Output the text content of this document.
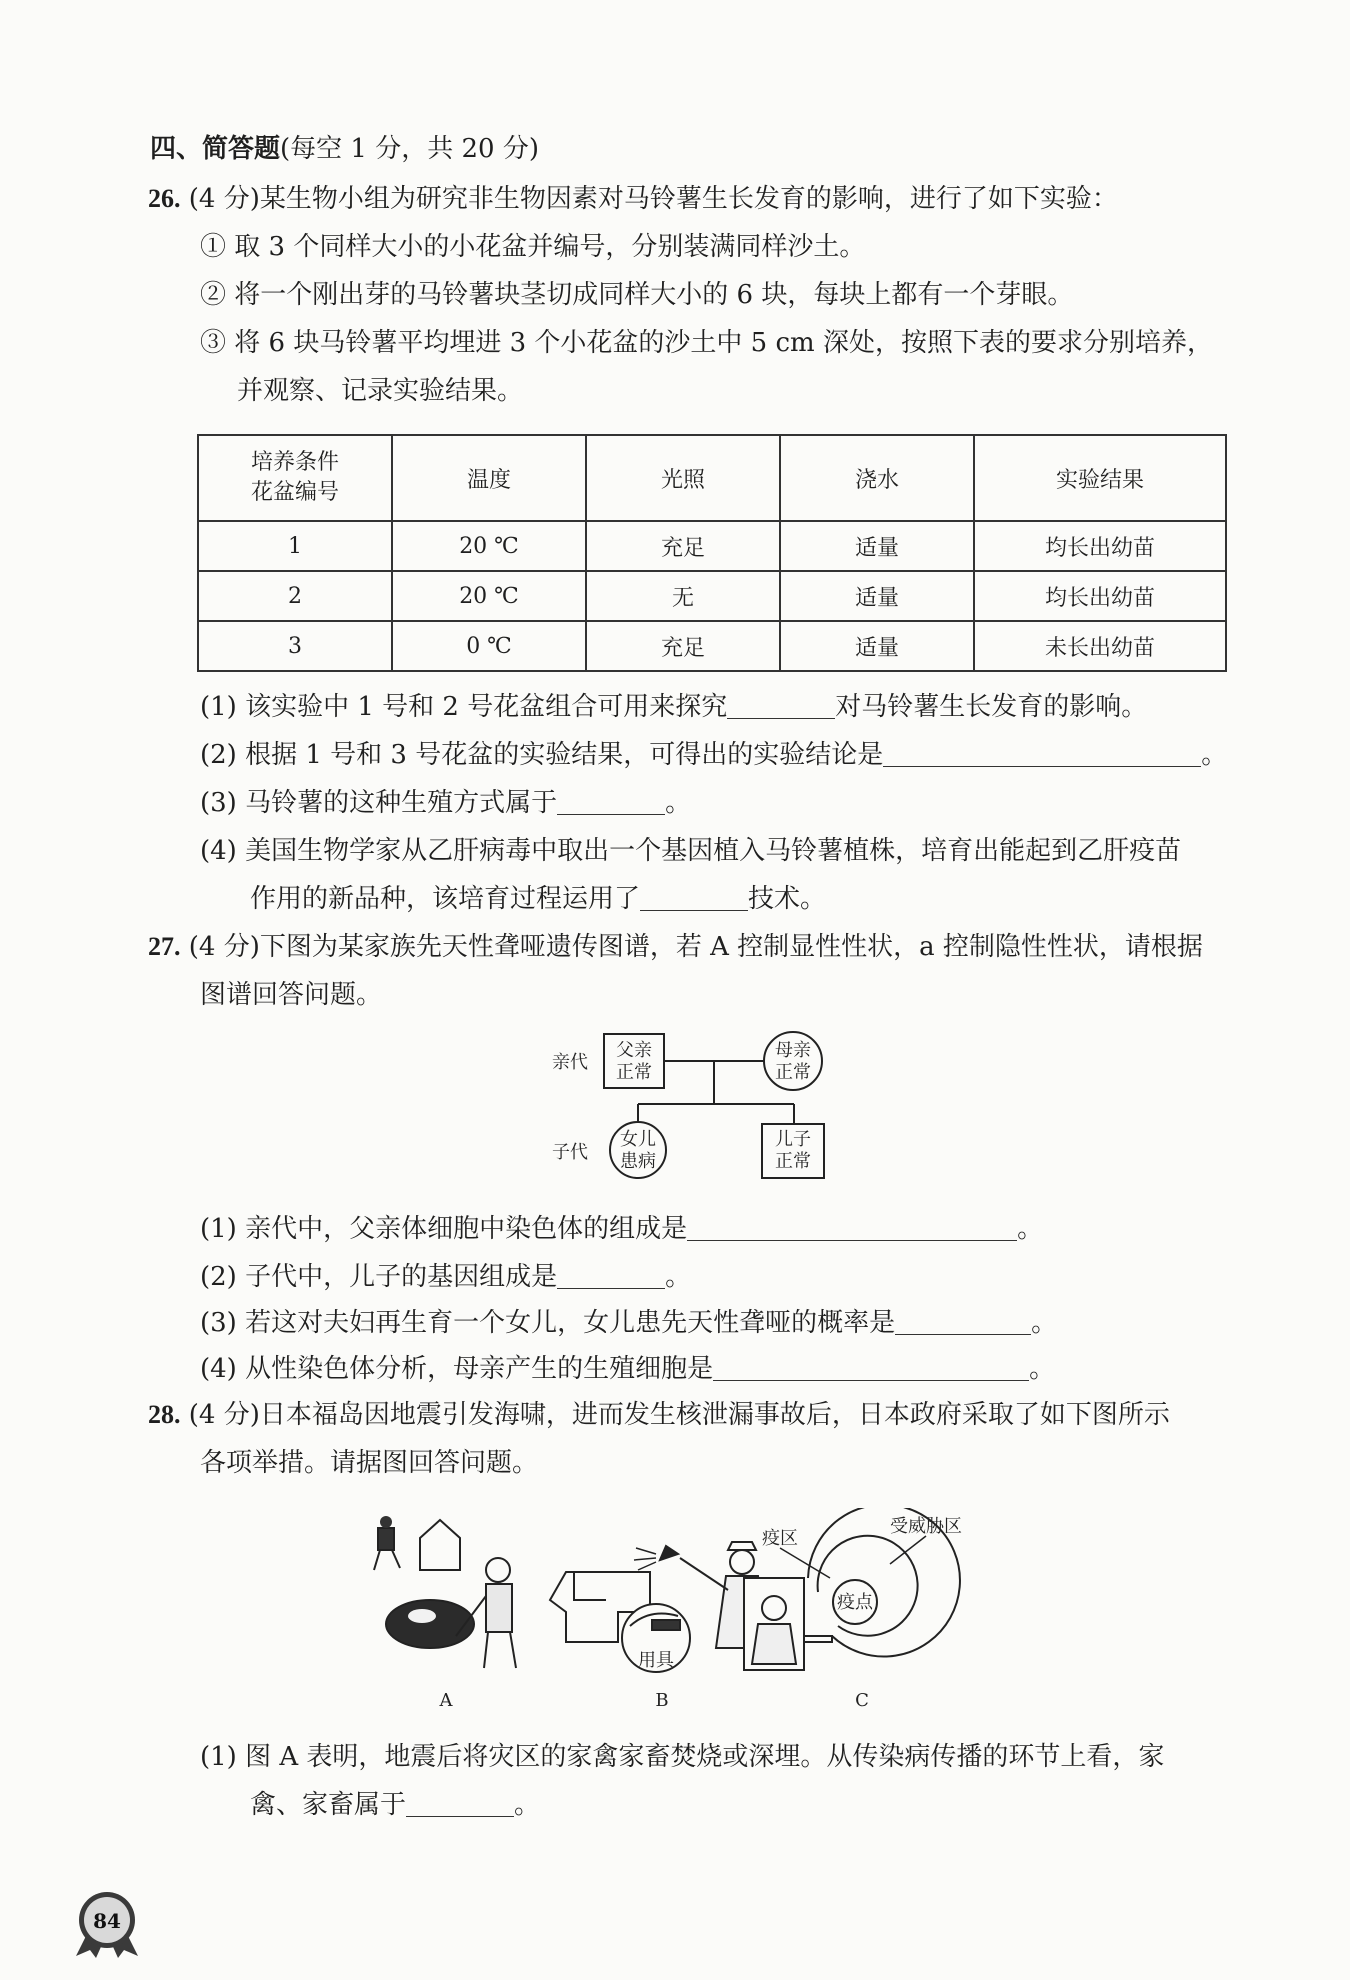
四、简答题(每空 1 分，共 20 分)
26. (4 分)某生物小组为研究非生物因素对马铃薯生长发育的影响，进行了如下实验：
① 取 3 个同样大小的小花盆并编号，分别装满同样沙土。
② 将一个刚出芽的马铃薯块茎切成同样大小的 6 块，每块上都有一个芽眼。
③ 将 6 块马铃薯平均埋进 3 个小花盆的沙土中 5 cm 深处，按照下表的要求分别培养，
并观察、记录实验结果。
培养条件
花盆编号	温度	光照	浇水	实验结果
1	20 ℃	充足	适量	均长出幼苗
2	20 ℃	无	适量	均长出幼苗
3	0 ℃	充足	适量	未长出幼苗
(1) 该实验中 1 号和 2 号花盆组合可用来探究	对马铃薯生长发育的影响。
(2) 根据 1 号和 3 号花盆的实验结果，可得出的实验结论是	。
(3) 马铃薯的这种生殖方式属于	。
(4) 美国生物学家从乙肝病毒中取出一个基因植入马铃薯植株，培育出能起到乙肝疫苗
作用的新品种，该培育过程运用了	技术。
27. (4 分)下图为某家族先天性聋哑遗传图谱，若 A 控制显性性状，a 控制隐性性状，请根据
图谱回答问题。
亲代
子代
父亲
正常
母亲
正常
女儿
患病
儿子
正常
(1) 亲代中，父亲体细胞中染色体的组成是	。
(2) 子代中，儿子的基因组成是	。
(3) 若这对夫妇再生育一个女儿，女儿患先天性聋哑的概率是	。
(4) 从性染色体分析，母亲产生的生殖细胞是	。
28. (4 分)日本福岛因地震引发海啸，进而发生核泄漏事故后，日本政府采取了如下图所示
各项举措。请据图回答问题。
用具
疫区
受威胁区
疫点
A	B	C
(1) 图 A 表明，地震后将灾区的家禽家畜焚烧或深埋。从传染病传播的环节上看，家
禽、家畜属于	。
84
